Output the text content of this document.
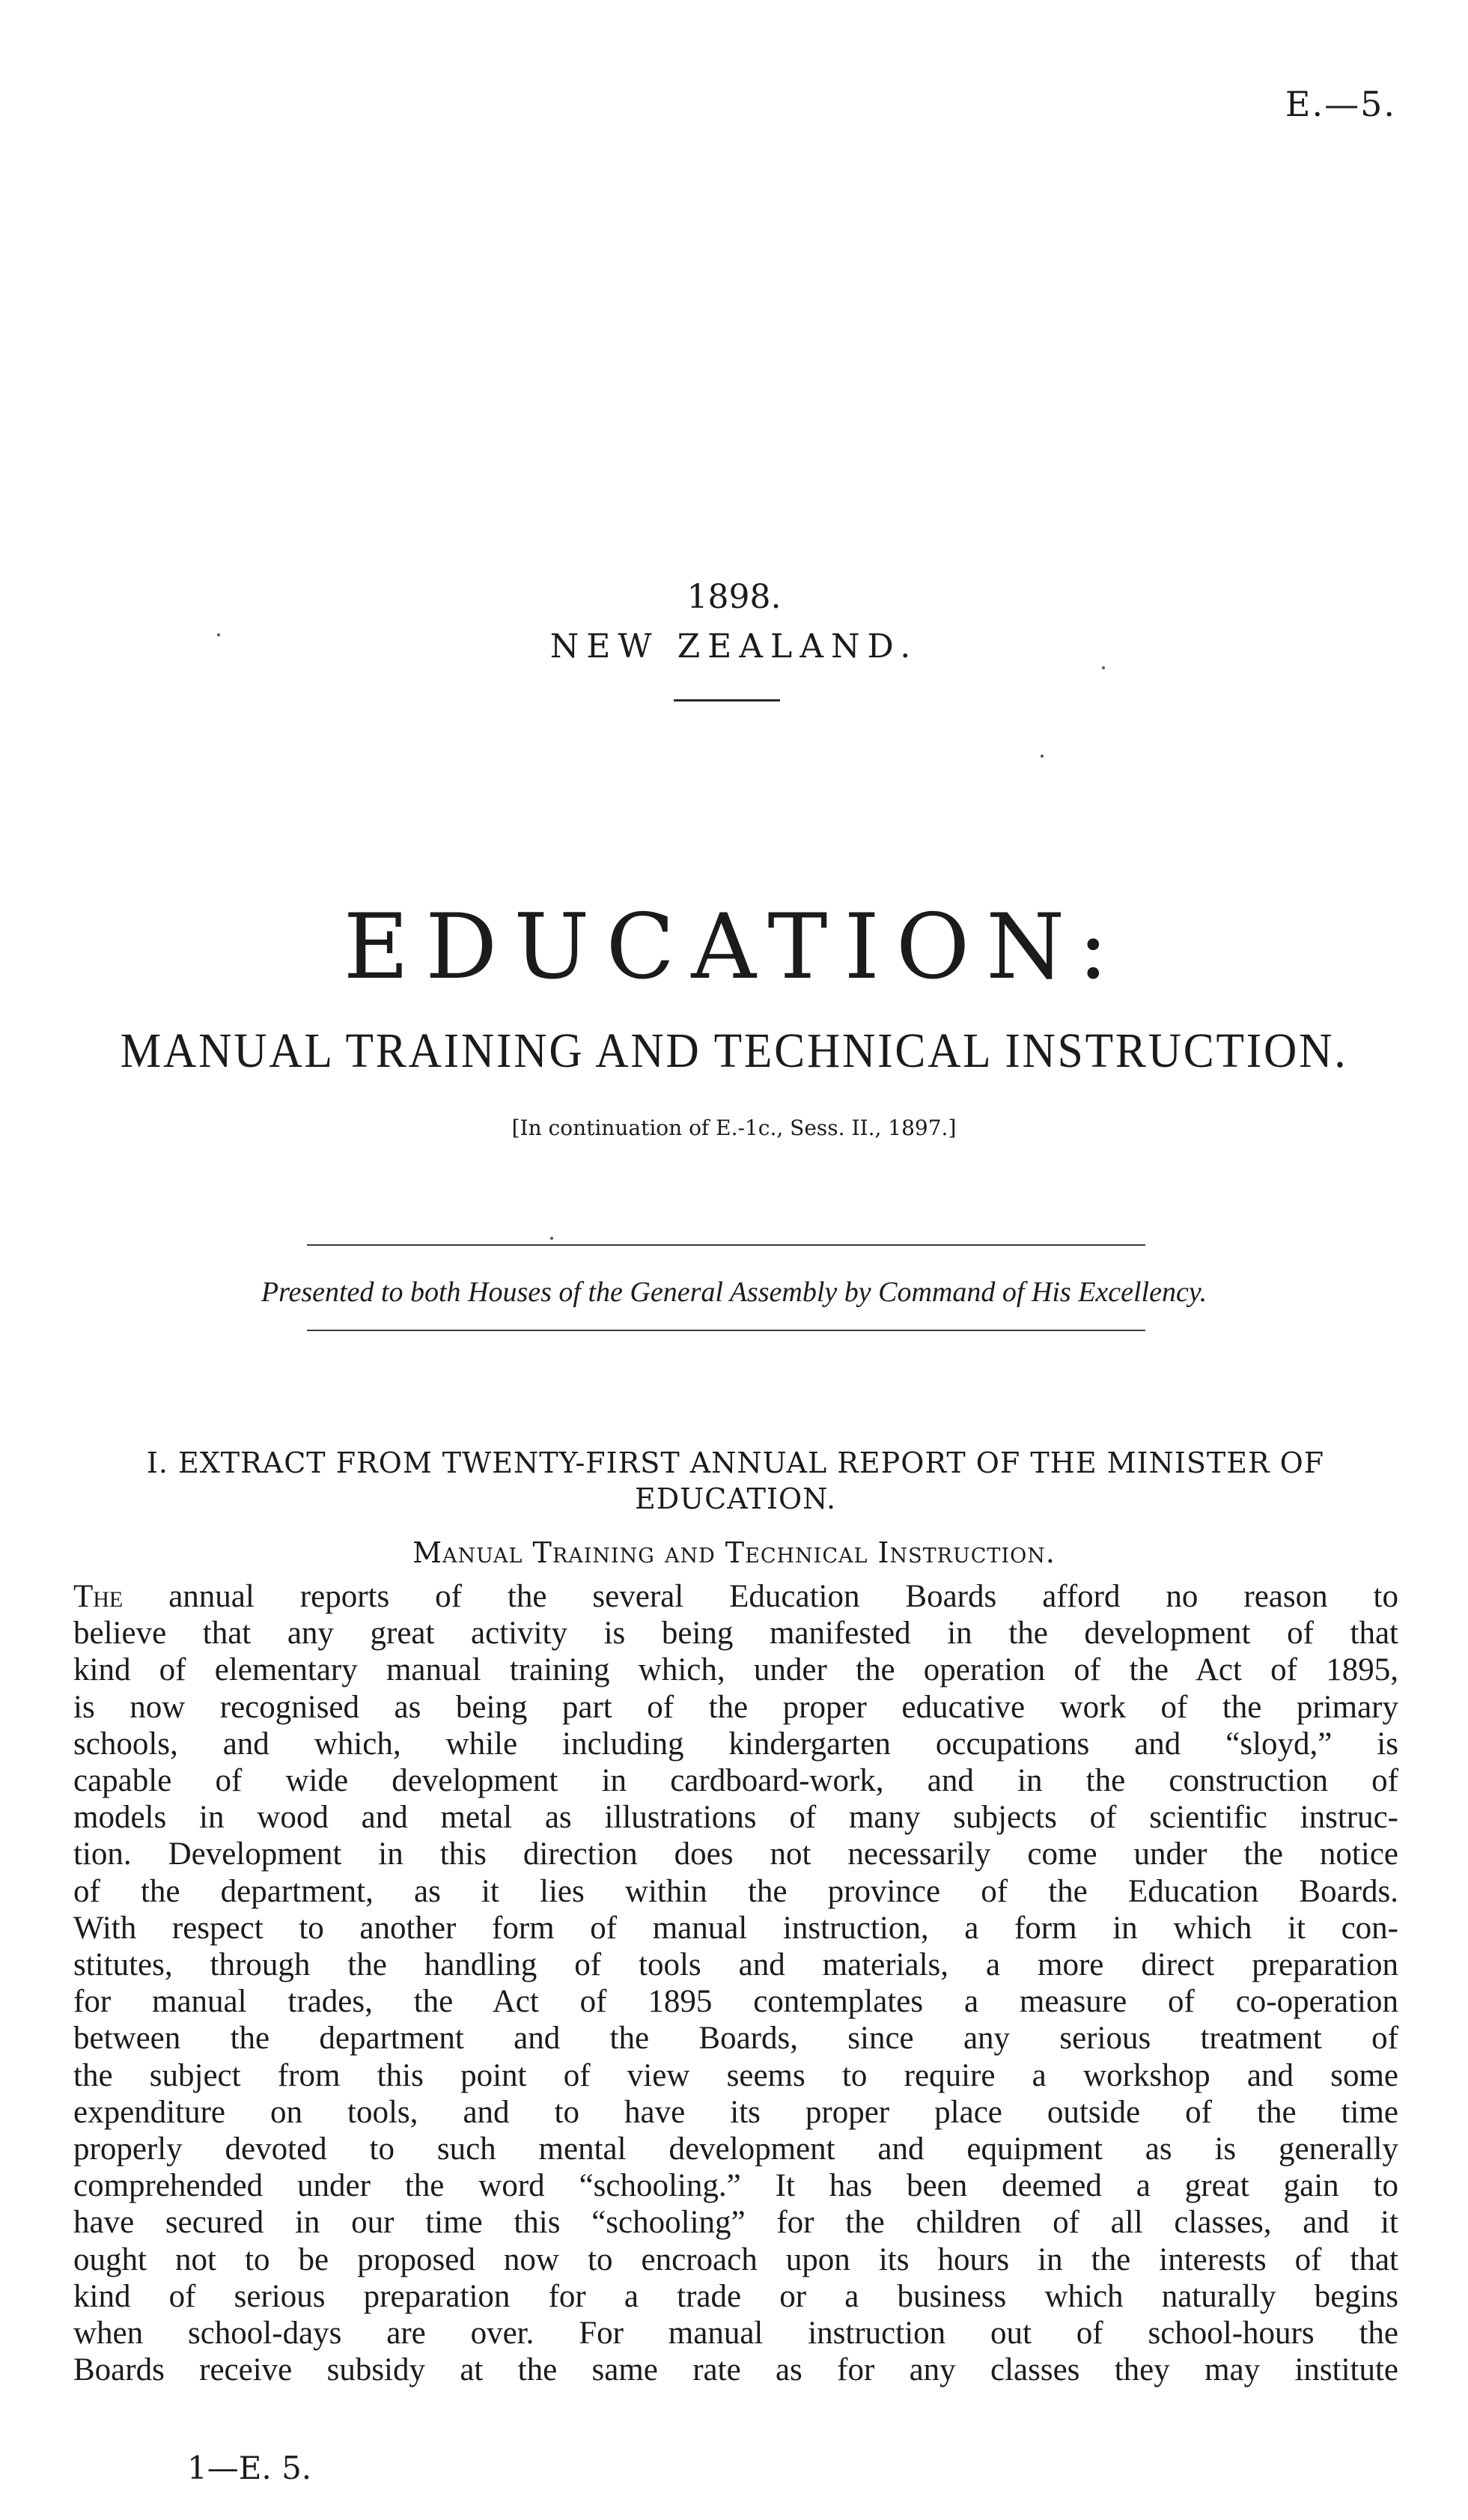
E.—5.
1898.
NEW ZEALAND.
EDUCATION:
MANUAL TRAINING AND TECHNICAL INSTRUCTION.
[In continuation of E.-1c., Sess. II., 1897.]
Presented to both Houses of the General Assembly by Command of His Excellency.
I. EXTRACT FROM TWENTY-FIRST ANNUAL REPORT OF THE MINISTER OF EDUCATION.
Manual Training and Technical Instruction.
The annual reports of the several Education Boards afford no reason to
believe that any great activity is being manifested in the development of that
kind of elementary manual training which, under the operation of the Act of 1895,
is now recognised as being part of the proper educative work of the primary
schools, and which, while including kindergarten occupations and “sloyd,” is
capable of wide development in cardboard-work, and in the construction of
models in wood and metal as illustrations of many subjects of scientific instruc-
tion. Development in this direction does not necessarily come under the notice
of the department, as it lies within the province of the Education Boards.
With respect to another form of manual instruction, a form in which it con-
stitutes, through the handling of tools and materials, a more direct preparation
for manual trades, the Act of 1895 contemplates a measure of co-operation
between the department and the Boards, since any serious treatment of
the subject from this point of view seems to require a workshop and some
expenditure on tools, and to have its proper place outside of the time
properly devoted to such mental development and equipment as is generally
comprehended under the word “schooling.” It has been deemed a great gain to
have secured in our time this “schooling” for the children of all classes, and it
ought not to be proposed now to encroach upon its hours in the interests of that
kind of serious preparation for a trade or a business which naturally begins
when school-days are over. For manual instruction out of school-hours the
Boards receive subsidy at the same rate as for any classes they may institute
1—E. 5.
